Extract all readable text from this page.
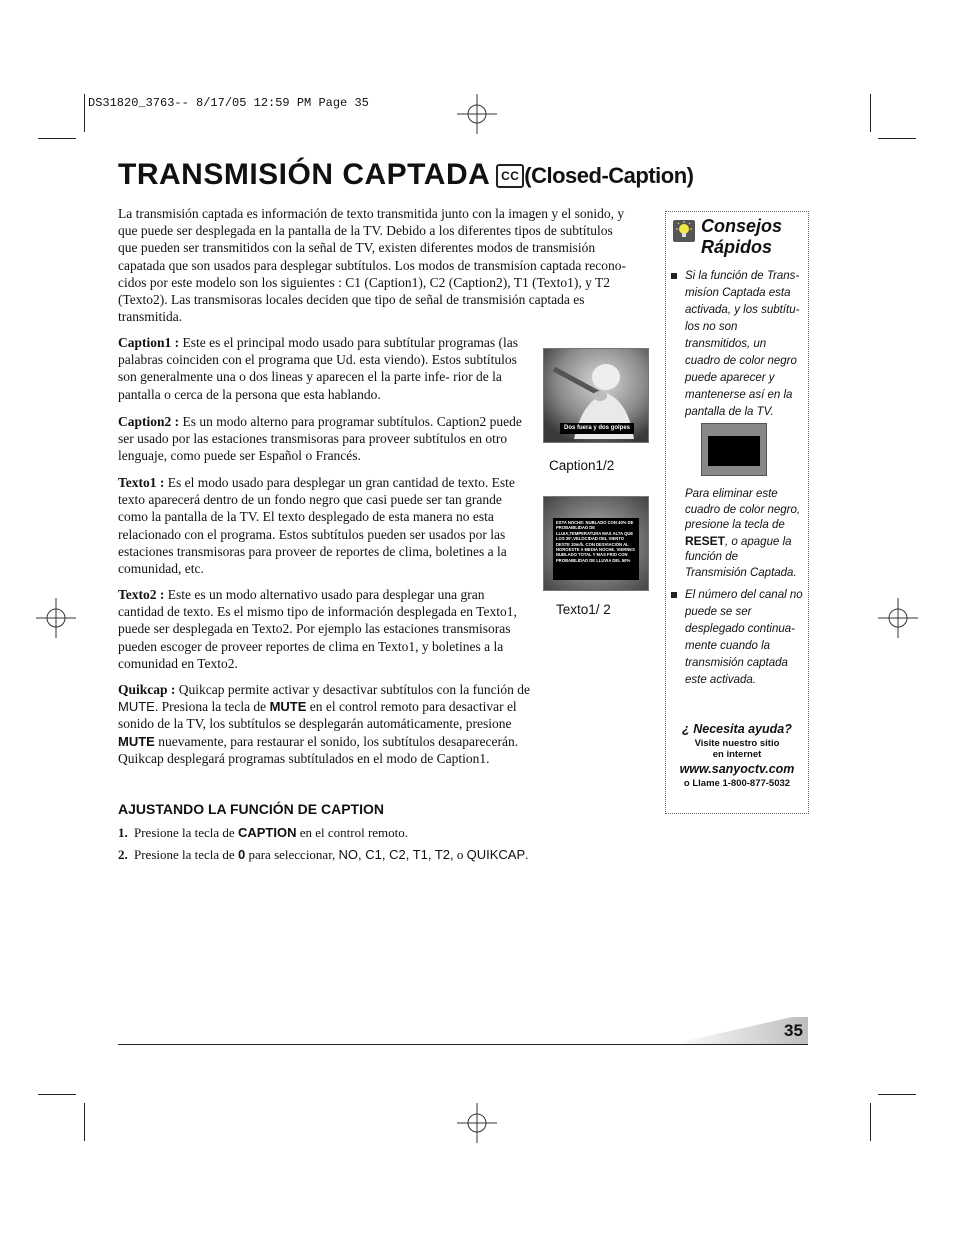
DS31820_3763-- 8/17/05 12:59 PM Page 35
TRANSMISIÓN CAPTADA CC (Closed-Caption)
La transmisión captada es información de texto transmitida junto con la imagen y el sonido, y que puede ser desplegada en la pantalla de la TV. Debido a los diferentes tipos de subtítulos que pueden ser transmitidos con la señal de TV, existen diferentes modos de transmisión capatada que son usados para desplegar subtítulos. Los modos de transmisíon captada recono- cidos por este modelo son los siguientes : C1 (Caption1), C2 (Caption2), T1 (Texto1), y T2 (Texto2). Las transmisoras locales deciden que tipo de señal de transmisión captada es transmitida.
Caption1 : Este es el principal modo usado para subtítular programas (las palabras coinciden con el programa que Ud. esta viendo). Estos subtítulos son generalmente una o dos lineas y aparecen el la parte infe- rior de la pantalla o cerca de la persona que esta hablando.
Caption2 : Es un modo alterno para programar subtítulos. Caption2 puede ser usado por las estaciones transmisoras para proveer subtítulos en otro lenguaje, como puede ser Español o Francés.
Texto1 : Es el modo usado para desplegar un gran cantidad de texto. Este texto aparecerá dentro de un fondo negro que casi puede ser tan grande como la pantalla de la TV. El texto desplegado de esta manera no esta relacionado con el programa. Estos subtítulos pueden ser usados por las estaciones transmisoras para proveer de reportes de clima, boletines a la comunidad, etc.
Texto2 : Este es un modo alternativo usado para desplegar una gran cantidad de texto. Es el mismo tipo de información desplegada en Texto1, puede ser desplegada en Texto2. Por ejemplo las estaciones transmisoras pueden escoger de proveer reportes de clima en Texto1, y boletines a la comunidad en Texto2.
Quikcap : Quikcap permite activar y desactivar subtítulos con la función de MUTE. Presiona la tecla de MUTE en el control remoto para desactivar el sonido de la TV, los subtítulos se desplegarán automáticamente, presione MUTE nuevamente, para restaurar el sonido, los subtítulos desaparecerán. Quikcap desplegará programas subtítulados en el modo de Caption1.
Dos fuera y dos golpes
Caption1/2
ESTA NOCHE: NUBLADO CON 40% DE PROBABILIDAD DE LLUIA,TEMPERATURA MAS ALTA QUE LOS 30°,VELOCIDAD DEL VIENTO DESTE 20m/h. CON DESVIACIÓN AL NOROESTE A MEDIA NOCHE. VIERNES NUBLADO TOTAL Y MAS FRIO CON PROBABILIDAD DE LLUVIA DEL 50%
Texto1/ 2
AJUSTANDO LA FUNCIÓN DE CAPTION
1. Presione la tecla de CAPTION en el control remoto.
2. Presione la tecla de 0 para seleccionar, NO, C1, C2, T1, T2, o QUIKCAP.
Consejos
Rápidos
Si la función de Trans- misíon Captada esta activada, y los subtítu- los no son transmitidos, un cuadro de color negro puede aparecer y mantenerse así en la pantalla de la TV.
Para eliminar este cuadro de color negro, presione la tecla de RESET, o apague la función de Transmisión Captada.
El número del canal no puede se ser desplegado continua- mente cuando la transmisión captada este activada.
¿ Necesita ayuda?
Visite nuestro sitio
en internet
www.sanyoctv.com
o Llame 1-800-877-5032
35
